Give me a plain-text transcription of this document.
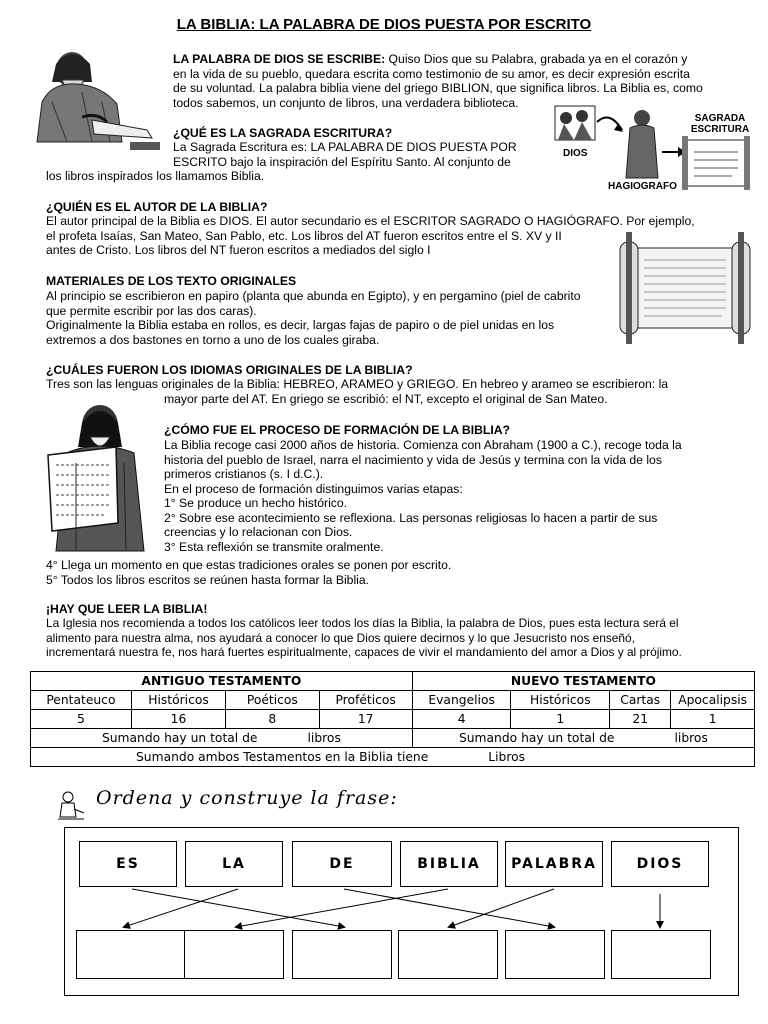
LA BIBLIA: LA PALABRA DE DIOS PUESTA POR ESCRITO
LA PALABRA DE DIOS SE ESCRIBE: Quiso Dios que su Palabra, grabada ya en el corazón y
en la vida de su pueblo, quedara escrita como testimonio de su amor, es decir expresión escrita
de su voluntad. La palabra biblia viene del griego BIBLION, que significa libros. La Biblia es, como
todos sabemos, un conjunto de libros, una verdadera biblioteca.
¿QUÉ ES LA SAGRADA ESCRITURA?
La Sagrada Escritura es: LA PALABRA DE DIOS PUESTA POR
ESCRITO bajo la inspiración del Espíritu Santo. Al conjunto de
los libros inspirados los llamamos Biblia.
DIOS
HAGIOGRAFO
SAGRADA
ESCRITURA
¿QUIÉN ES EL AUTOR DE LA BIBLIA?
El autor principal de la Biblia es DIOS. El autor secundario es el ESCRITOR SAGRADO O HAGIÓGRAFO. Por ejemplo,
el profeta Isaías, San Mateo, San Pablo, etc. Los libros del AT fueron escritos entre el S. XV y II
antes de Cristo. Los libros del NT fueron escritos a mediados del siglo I
MATERIALES DE LOS TEXTO ORIGINALES
Al principio se escribieron en papiro (planta que abunda en Egipto), y en pergamino (piel de cabrito
que permite escribir por las dos caras).
Originalmente la Biblia estaba en rollos, es decir, largas fajas de papiro o de piel unidas en los
extremos a dos bastones en torno a uno de los cuales giraba.
¿CUÁLES FUERON LOS IDIOMAS ORIGINALES DE LA BIBLIA?
Tres son las lenguas originales de la Biblia: HEBREO, ARAMEO y GRIEGO. En hebreo y arameo se escribieron: la
mayor parte del AT. En griego se escribió: el NT, excepto el original de San Mateo.
¿CÓMO FUE EL PROCESO DE FORMACIÓN DE LA BIBLIA?
La Biblia recoge casi 2000 años de historia. Comienza con Abraham (1900 a C.), recoge toda la
historia del pueblo de Israel, narra el nacimiento y vida de Jesús y termina con la vida de los
primeros cristianos (s. I d.C.).
En el proceso de formación distinguimos varias etapas:
1° Se produce un hecho histórico.
2° Sobre ese acontecimiento se reflexiona. Las personas religiosas lo hacen a partir de sus
creencias y lo relacionan con Dios.
3° Esta reflexión se transmite oralmente.
4° Llega un momento en que estas tradiciones orales se ponen por escrito.
5° Todos los libros escritos se reúnen hasta formar la Biblia.
¡HAY QUE LEER LA BIBLIA!
La Iglesia nos recomienda a todos los católicos leer todos los días la Biblia, la palabra de Dios, pues esta lectura será el
alimento para nuestra alma, nos ayudará a conocer lo que Dios quiere decirnos y lo que Jesucristo nos enseñó,
incrementará nuestra fe, nos hará fuertes espiritualmente, capaces de vivir el mandamiento del amor a Dios y al prójimo.
ANTIGUO TESTAMENTO				NUEVO TESTAMENTO			
Pentateuco	Históricos	Poéticos	Proféticos	Evangelios	Históricos	Cartas	Apocalipsis
5	16	8	17	4	1	21	1
Sumando hay un total de libros				Sumando hay un total de libros			
Sumando ambos Testamentos en la Biblia tiene Libros							
Ordena y construye la frase:
ES	LA	DE	BIBLIA	PALABRA	DIOS
